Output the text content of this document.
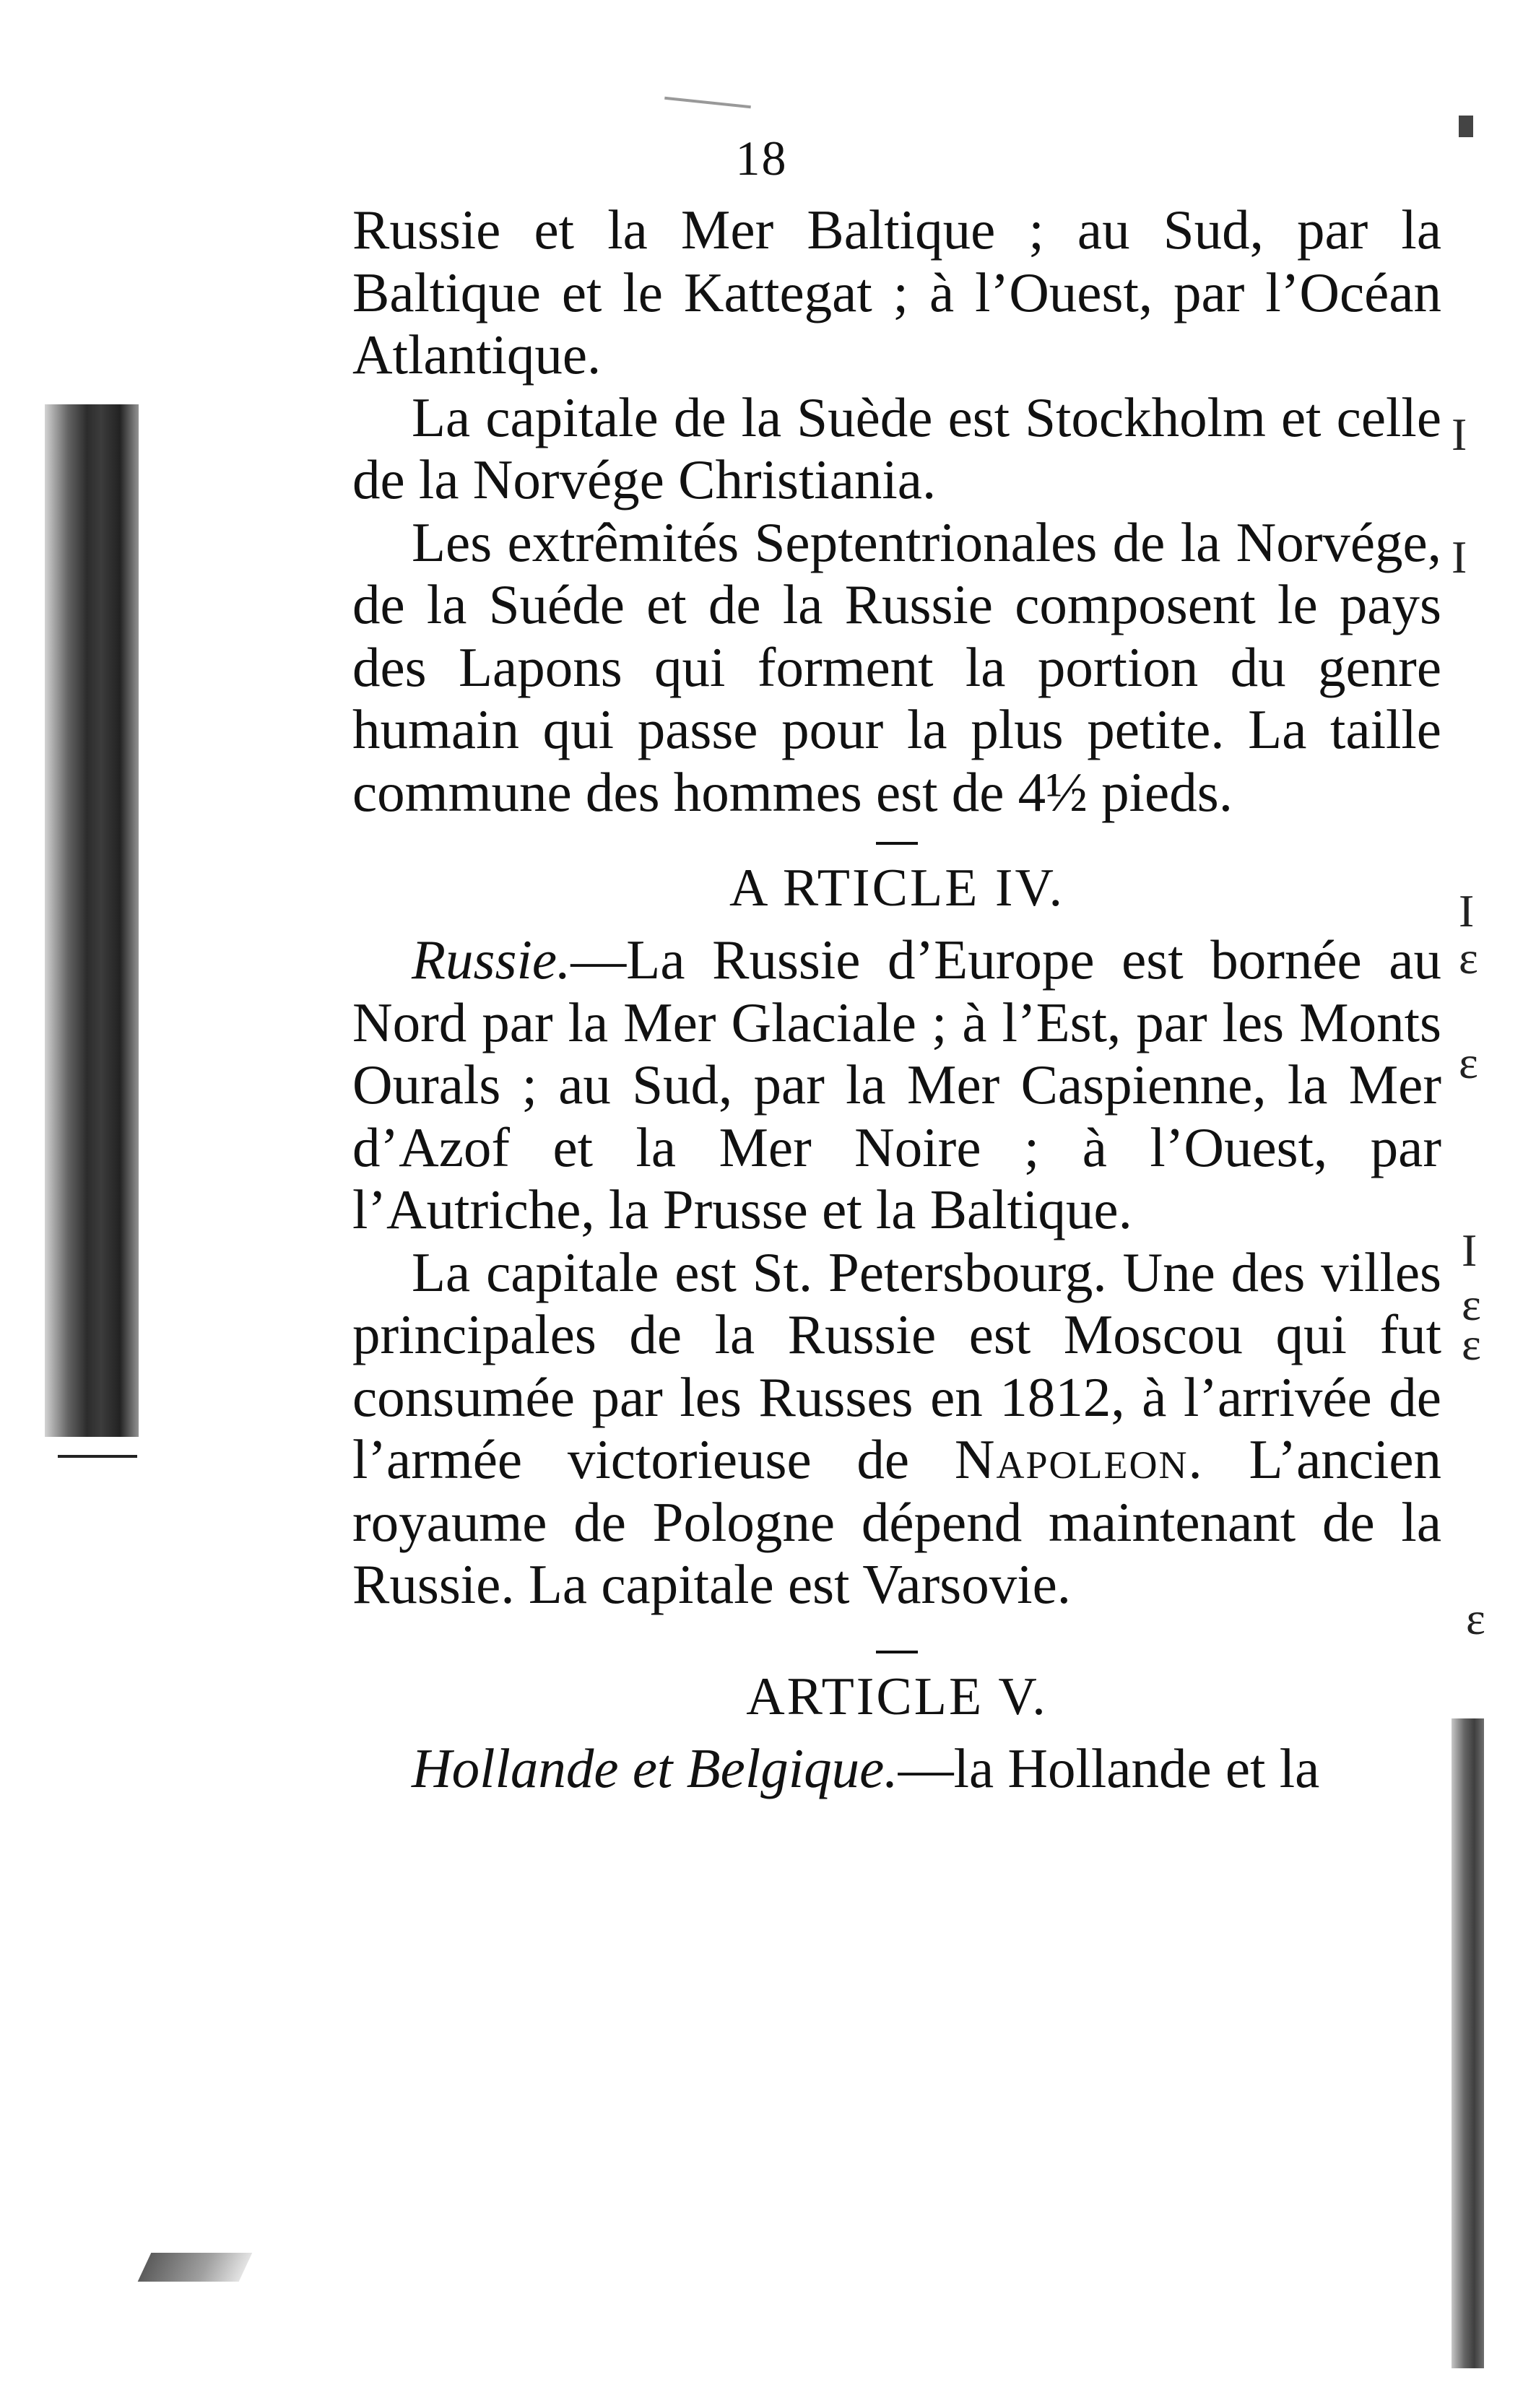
I
ɛ
ɛ
I
ɛ
ɛ
ɛ
I
I
18

Russie et la Mer Baltique ; au Sud, par la Baltique et le Kattegat ; à l’Ouest, par l’Océan Atlantique.

La capitale de la Suède est Stockholm et celle de la Norvége Christiania.

Les extrêmités Septentrionales de la Norvége, de la Suéde et de la Russie composent le pays des Lapons qui forment la portion du genre humain qui passe pour la plus petite. La taille commune des hommes est de 4½ pieds.

A RTICLE IV.

Russie.—La Russie d’Europe est bornée au Nord par la Mer Glaciale ; à l’Est, par les Monts Ourals ; au Sud, par la Mer Caspienne, la Mer d’Azof et la Mer Noire ; à l’Ouest, par l’Autriche, la Prusse et la Baltique.

La capitale est St. Petersbourg. Une des villes principales de la Russie est Moscou qui fut consumée par les Russes en 1812, à l’arrivée de l’armée victorieuse de Napoleon. L’ancien royaume de Pologne dépend maintenant de la Russie. La capitale est Varsovie.

ARTICLE V.

Hollande et Belgique.—la Hollande et la
